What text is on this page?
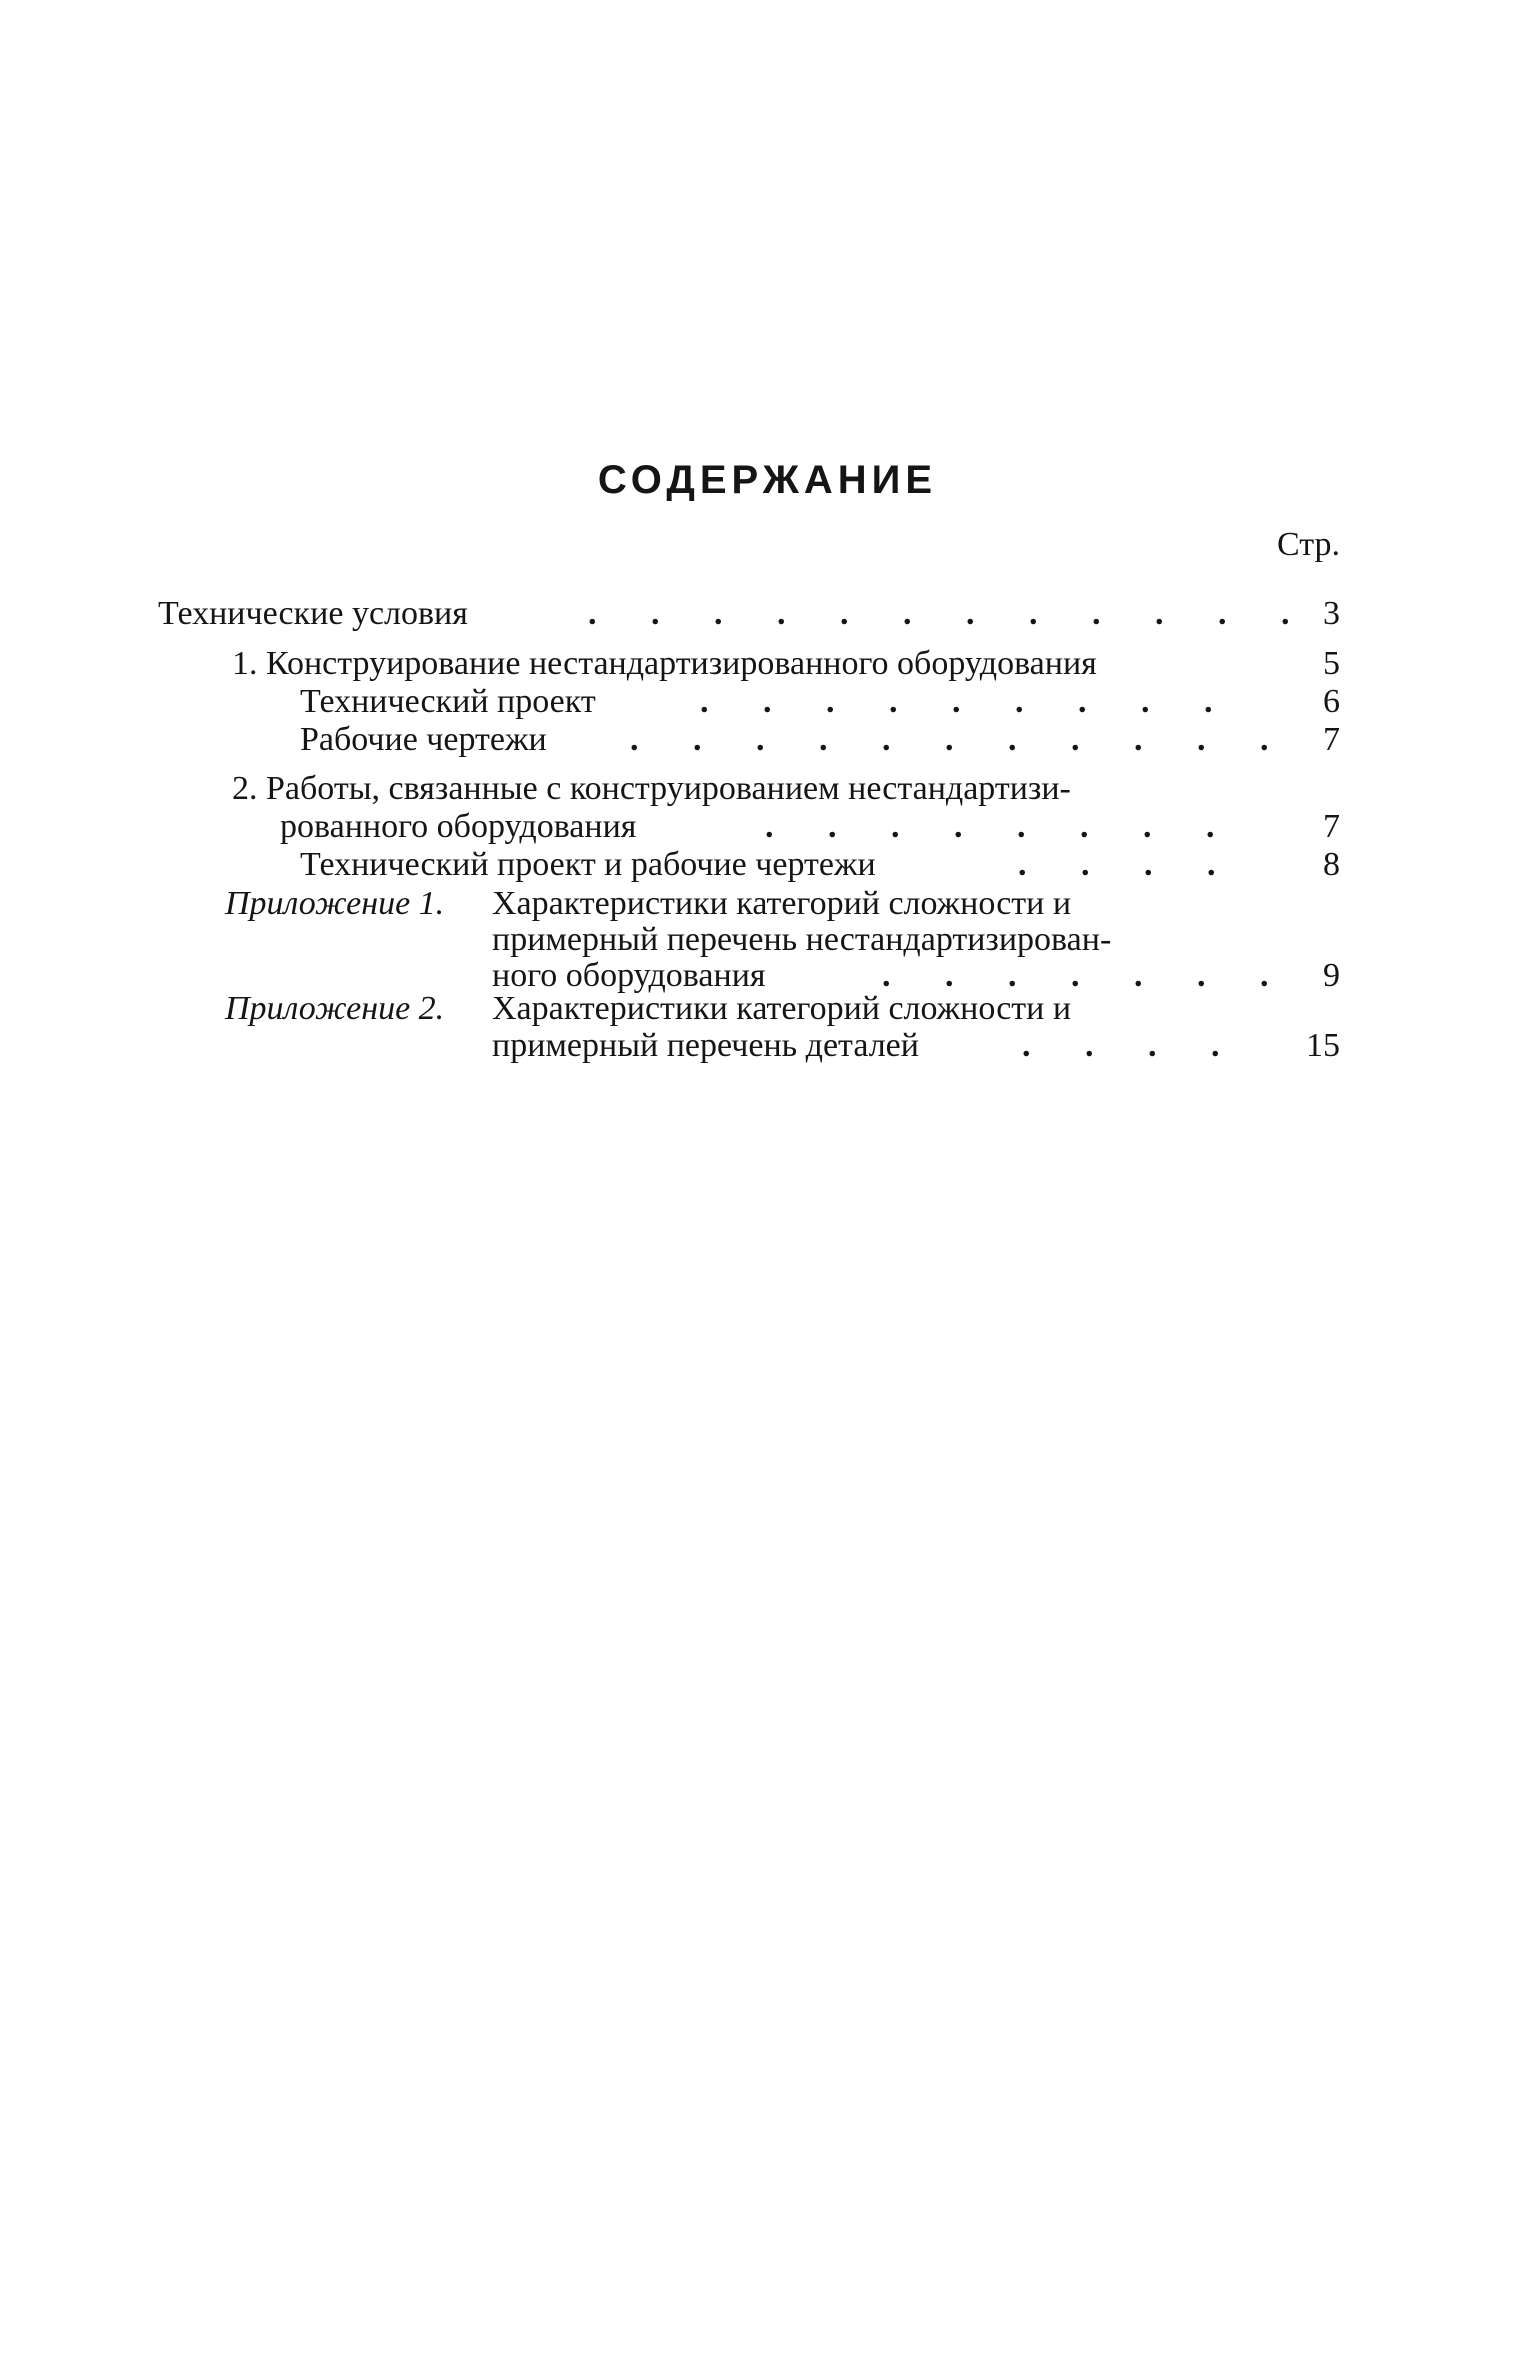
СОДЕРЖАНИЕ
Стр.
Технические условия	. . . . . . . . . . . . 3
1. Конструирование нестандартизированного оборудования	5
Технический проект	. . . . . . . . .	6
Рабочие чертежи . . . . . . . . . . . 7
2. Работы, связанные с конструированием нестандартизи-
рованного оборудования	. . . . . . . .	7
Технический проект и рабочие чертежи	. . . .	8
Приложение 1. Характеристики категорий сложности и
примерный перечень нестандартизирован-
ного оборудования	. . . . . . . 9
Приложение 2. Характеристики категорий сложности и
примерный перечень деталей	. . . .	15
